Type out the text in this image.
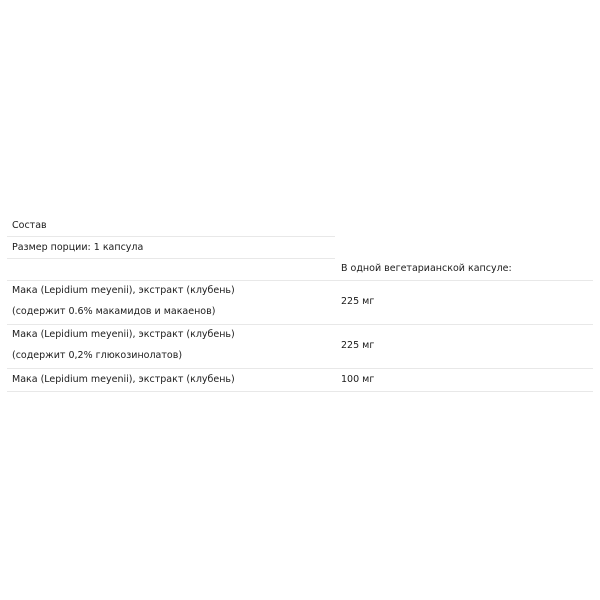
Состав
Размер порции: 1 капсула
В одной вегетарианской капсуле:
Мака (Lepidium meyenii), экстракт (клубень)
(содержит 0.6% макамидов и макаенов)
225 мг
Мака (Lepidium meyenii), экстракт (клубень)
(содержит 0,2% глюкозинолатов)
225 мг
Мака (Lepidium meyenii), экстракт (клубень)	100 мг
